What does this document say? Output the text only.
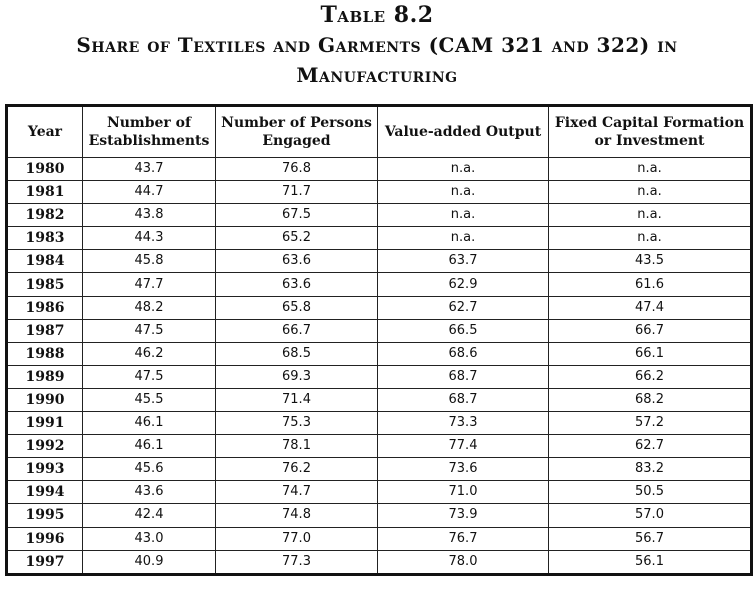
Table 8.2
Share of Textiles and Garments (CAM 321 and 322) in
Manufacturing
Year	Number of Establishments	Number of Persons Engaged	Value-added Output	Fixed Capital Formation or Investment
1980	43.7	76.8	n.a.	n.a.
1981	44.7	71.7	n.a.	n.a.
1982	43.8	67.5	n.a.	n.a.
1983	44.3	65.2	n.a.	n.a.
1984	45.8	63.6	63.7	43.5
1985	47.7	63.6	62.9	61.6
1986	48.2	65.8	62.7	47.4
1987	47.5	66.7	66.5	66.7
1988	46.2	68.5	68.6	66.1
1989	47.5	69.3	68.7	66.2
1990	45.5	71.4	68.7	68.2
1991	46.1	75.3	73.3	57.2
1992	46.1	78.1	77.4	62.7
1993	45.6	76.2	73.6	83.2
1994	43.6	74.7	71.0	50.5
1995	42.4	74.8	73.9	57.0
1996	43.0	77.0	76.7	56.7
1997	40.9	77.3	78.0	56.1
